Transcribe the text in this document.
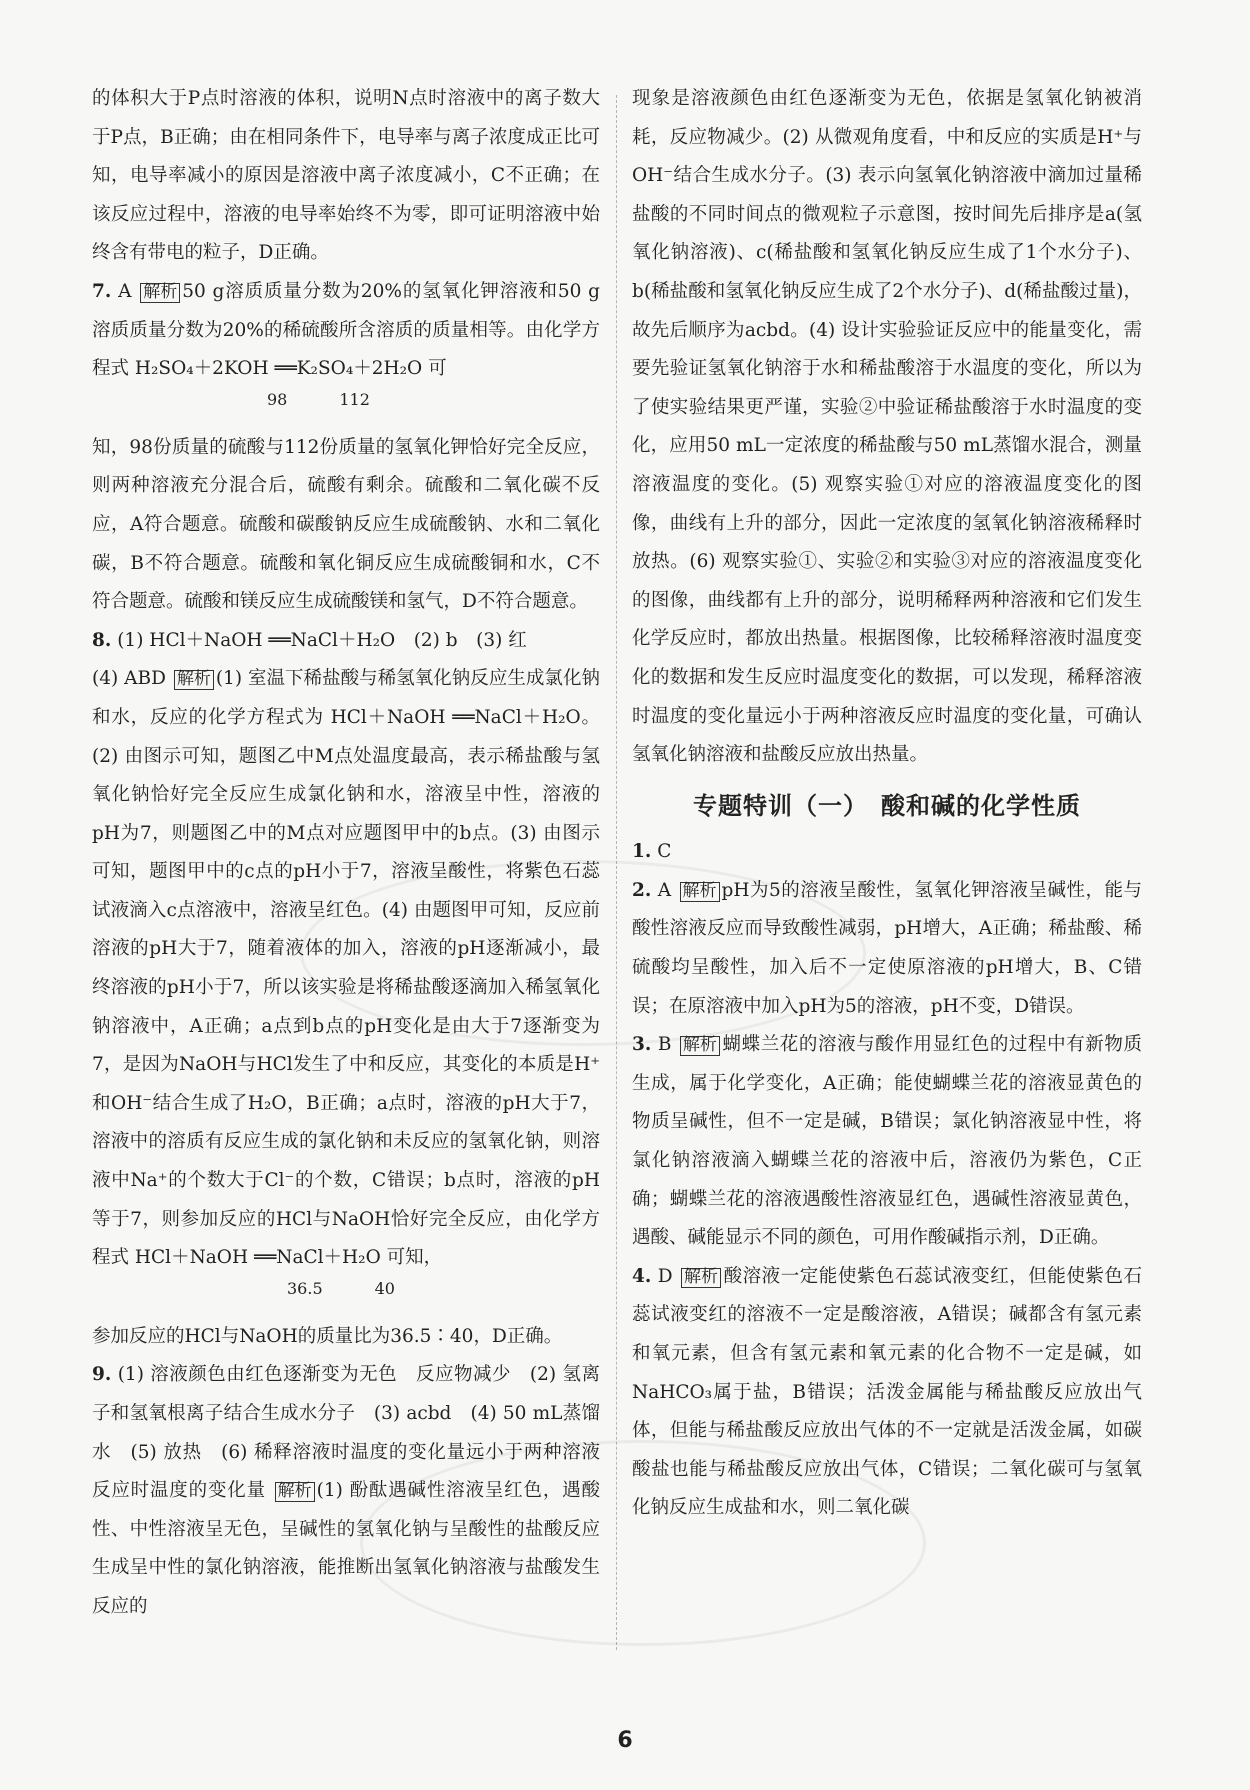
的体积大于P点时溶液的体积，说明N点时溶液中的离子数大于P点，B正确；由在相同条件下，电导率与离子浓度成正比可知，电导率减小的原因是溶液中离子浓度减小，C不正确；在该反应过程中，溶液的电导率始终不为零，即可证明溶液中始终含有带电的粒子，D正确。

7. A 解析 50 g溶质质量分数为20%的氢氧化钾溶液和50 g溶质质量分数为20%的稀硫酸所含溶质的质量相等。由化学方程式 H₂SO₄＋2KOH ══K₂SO₄＋2H₂O 可

98	112

知，98份质量的硫酸与112份质量的氢氧化钾恰好完全反应，则两种溶液充分混合后，硫酸有剩余。硫酸和二氧化碳不反应，A符合题意。硫酸和碳酸钠反应生成硫酸钠、水和二氧化碳，B不符合题意。硫酸和氧化铜反应生成硫酸铜和水，C不符合题意。硫酸和镁反应生成硫酸镁和氢气，D不符合题意。

8. (1) HCl＋NaOH ══NaCl＋H₂O　(2) b　(3) 红
(4) ABD 解析 (1) 室温下稀盐酸与稀氢氧化钠反应生成氯化钠和水，反应的化学方程式为 HCl＋NaOH ══NaCl＋H₂O。(2) 由图示可知，题图乙中M点处温度最高，表示稀盐酸与氢氧化钠恰好完全反应生成氯化钠和水，溶液呈中性，溶液的pH为7，则题图乙中的M点对应题图甲中的b点。(3) 由图示可知，题图甲中的c点的pH小于7，溶液呈酸性，将紫色石蕊试液滴入c点溶液中，溶液呈红色。(4) 由题图甲可知，反应前溶液的pH大于7，随着液体的加入，溶液的pH逐渐减小，最终溶液的pH小于7，所以该实验是将稀盐酸逐滴加入稀氢氧化钠溶液中，A正确；a点到b点的pH变化是由大于7逐渐变为7，是因为NaOH与HCl发生了中和反应，其变化的本质是H⁺和OH⁻结合生成了H₂O，B正确；a点时，溶液的pH大于7，溶液中的溶质有反应生成的氯化钠和未反应的氢氧化钠，则溶液中Na⁺的个数大于Cl⁻的个数，C错误；b点时，溶液的pH等于7，则参加反应的HCl与NaOH恰好完全反应，由化学方程式 HCl＋NaOH ══NaCl＋H₂O 可知，

36.5	40

参加反应的HCl与NaOH的质量比为36.5∶40，D正确。

9. (1) 溶液颜色由红色逐渐变为无色　反应物减少　(2) 氢离子和氢氧根离子结合生成水分子　(3) acbd　(4) 50 mL蒸馏水　(5) 放热　(6) 稀释溶液时温度的变化量远小于两种溶液反应时温度的变化量 解析 (1) 酚酞遇碱性溶液呈红色，遇酸性、中性溶液呈无色，呈碱性的氢氧化钠与呈酸性的盐酸反应生成呈中性的氯化钠溶液，能推断出氢氧化钠溶液与盐酸发生反应的

现象是溶液颜色由红色逐渐变为无色，依据是氢氧化钠被消耗，反应物减少。(2) 从微观角度看，中和反应的实质是H⁺与OH⁻结合生成水分子。(3) 表示向氢氧化钠溶液中滴加过量稀盐酸的不同时间点的微观粒子示意图，按时间先后排序是a(氢氧化钠溶液)、c(稀盐酸和氢氧化钠反应生成了1个水分子)、b(稀盐酸和氢氧化钠反应生成了2个水分子)、d(稀盐酸过量)，故先后顺序为acbd。(4) 设计实验验证反应中的能量变化，需要先验证氢氧化钠溶于水和稀盐酸溶于水温度的变化，所以为了使实验结果更严谨，实验②中验证稀盐酸溶于水时温度的变化，应用50 mL一定浓度的稀盐酸与50 mL蒸馏水混合，测量溶液温度的变化。(5) 观察实验①对应的溶液温度变化的图像，曲线有上升的部分，因此一定浓度的氢氧化钠溶液稀释时放热。(6) 观察实验①、实验②和实验③对应的溶液温度变化的图像，曲线都有上升的部分，说明稀释两种溶液和它们发生化学反应时，都放出热量。根据图像，比较稀释溶液时温度变化的数据和发生反应时温度变化的数据，可以发现，稀释溶液时温度的变化量远小于两种溶液反应时温度的变化量，可确认氢氧化钠溶液和盐酸反应放出热量。

专题特训（一）　酸和碱的化学性质

1. C

2. A 解析 pH为5的溶液呈酸性，氢氧化钾溶液呈碱性，能与酸性溶液反应而导致酸性减弱，pH增大，A正确；稀盐酸、稀硫酸均呈酸性，加入后不一定使原溶液的pH增大，B、C错误；在原溶液中加入pH为5的溶液，pH不变，D错误。

3. B 解析 蝴蝶兰花的溶液与酸作用显红色的过程中有新物质生成，属于化学变化，A正确；能使蝴蝶兰花的溶液显黄色的物质呈碱性，但不一定是碱，B错误；氯化钠溶液显中性，将氯化钠溶液滴入蝴蝶兰花的溶液中后，溶液仍为紫色，C正确；蝴蝶兰花的溶液遇酸性溶液显红色，遇碱性溶液显黄色，遇酸、碱能显示不同的颜色，可用作酸碱指示剂，D正确。

4. D 解析 酸溶液一定能使紫色石蕊试液变红，但能使紫色石蕊试液变红的溶液不一定是酸溶液，A错误；碱都含有氢元素和氧元素，但含有氢元素和氧元素的化合物不一定是碱，如NaHCO₃属于盐，B错误；活泼金属能与稀盐酸反应放出气体，但能与稀盐酸反应放出气体的不一定就是活泼金属，如碳酸盐也能与稀盐酸反应放出气体，C错误；二氧化碳可与氢氧化钠反应生成盐和水，则二氧化碳

6
